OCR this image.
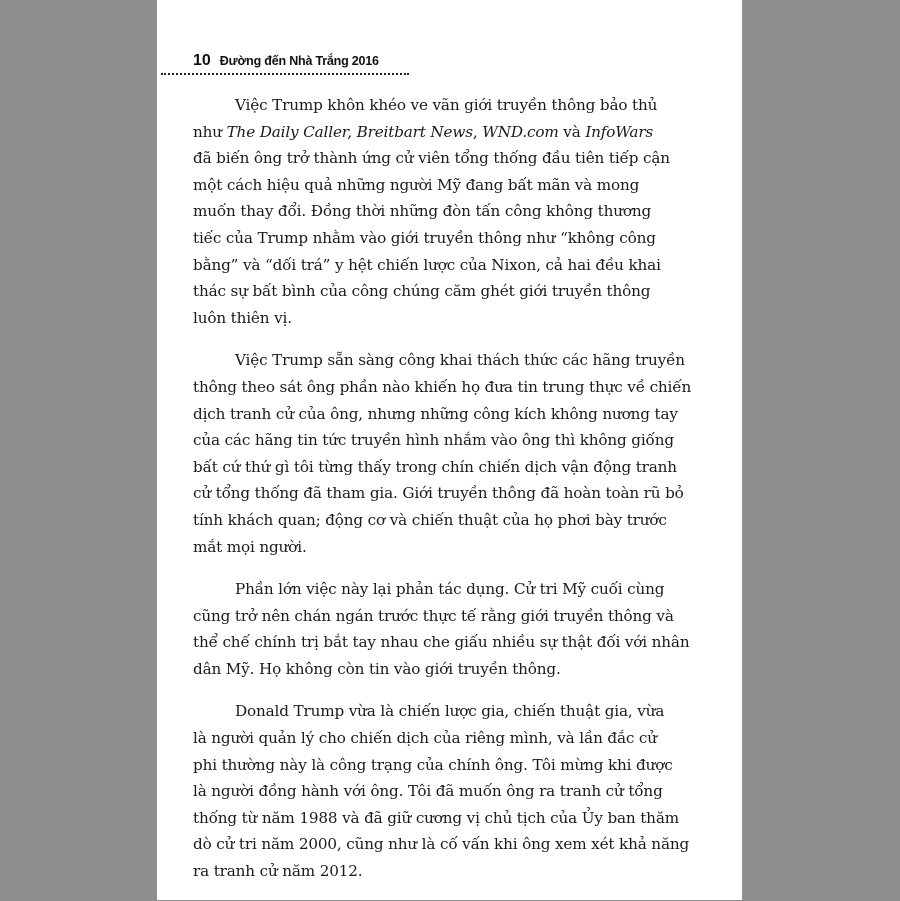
10 Đường đến Nhà Trắng 2016
Việc Trump khôn khéo ve vãn giới truyền thông bảo thủ
như The Daily Caller, Breitbart News, WND.com và InfoWars
đã biến ông trở thành ứng cử viên tổng thống đầu tiên tiếp cận
một cách hiệu quả những người Mỹ đang bất mãn và mong
muốn thay đổi. Đồng thời những đòn tấn công không thương
tiếc của Trump nhằm vào giới truyền thông như “không công
bằng” và “dối trá” y hệt chiến lược của Nixon, cả hai đều khai
thác sự bất bình của công chúng căm ghét giới truyền thông
luôn thiên vị.
Việc Trump sẵn sàng công khai thách thức các hãng truyền
thông theo sát ông phần nào khiến họ đưa tin trung thực về chiến
dịch tranh cử của ông, nhưng những công kích không nương tay
của các hãng tin tức truyền hình nhắm vào ông thì không giống
bất cứ thứ gì tôi từng thấy trong chín chiến dịch vận động tranh
cử tổng thống đã tham gia. Giới truyền thông đã hoàn toàn rũ bỏ
tính khách quan; động cơ và chiến thuật của họ phơi bày trước
mắt mọi người.
Phần lớn việc này lại phản tác dụng. Cử tri Mỹ cuối cùng
cũng trở nên chán ngán trước thực tế rằng giới truyền thông và
thể chế chính trị bắt tay nhau che giấu nhiều sự thật đối với nhân
dân Mỹ. Họ không còn tin vào giới truyền thông.
Donald Trump vừa là chiến lược gia, chiến thuật gia, vừa
là người quản lý cho chiến dịch của riêng mình, và lần đắc cử
phi thường này là công trạng của chính ông. Tôi mừng khi được
là người đồng hành với ông. Tôi đã muốn ông ra tranh cử tổng
thống từ năm 1988 và đã giữ cương vị chủ tịch của Ủy ban thăm
dò cử tri năm 2000, cũng như là cố vấn khi ông xem xét khả năng
ra tranh cử năm 2012.
